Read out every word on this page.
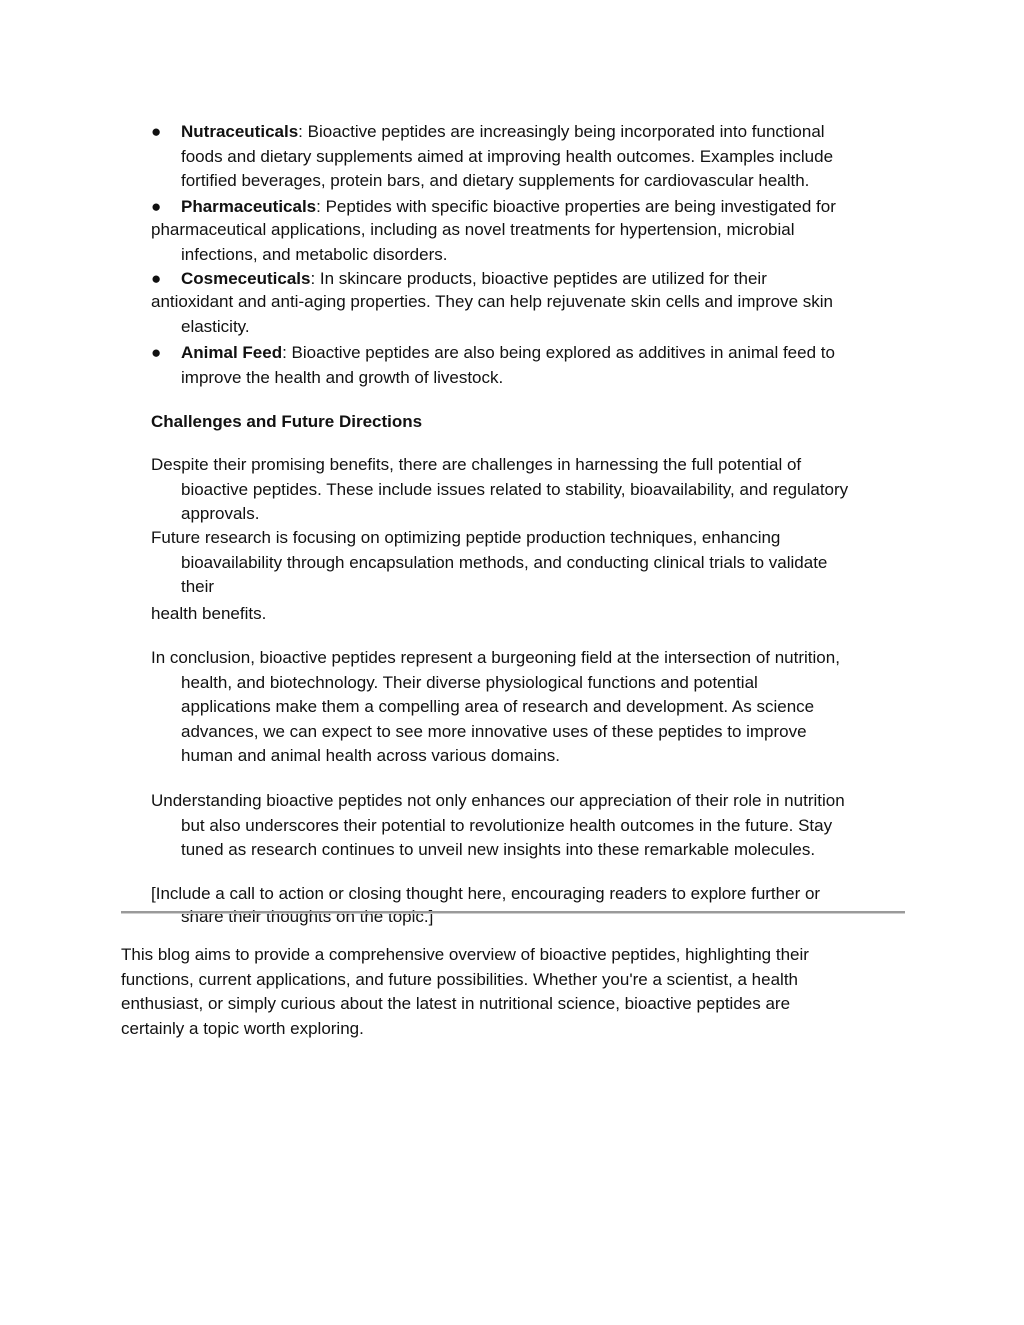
● Nutraceuticals: Bioactive peptides are increasingly being incorporated into functional
foods and dietary supplements aimed at improving health outcomes. Examples include
fortified beverages, protein bars, and dietary supplements for cardiovascular health.
● Pharmaceuticals: Peptides with specific bioactive properties are being investigated for
pharmaceutical applications, including as novel treatments for hypertension, microbial
infections, and metabolic disorders.
● Cosmeceuticals: In skincare products, bioactive peptides are utilized for their
antioxidant and anti-aging properties. They can help rejuvenate skin cells and improve skin
elasticity.
● Animal Feed: Bioactive peptides are also being explored as additives in animal feed to
improve the health and growth of livestock.
Challenges and Future Directions
Despite their promising benefits, there are challenges in harnessing the full potential of
bioactive peptides. These include issues related to stability, bioavailability, and regulatory
approvals.
Future research is focusing on optimizing peptide production techniques, enhancing
bioavailability through encapsulation methods, and conducting clinical trials to validate
their
health benefits.
In conclusion, bioactive peptides represent a burgeoning field at the intersection of nutrition,
health, and biotechnology. Their diverse physiological functions and potential
applications make them a compelling area of research and development. As science
advances, we can expect to see more innovative uses of these peptides to improve
human and animal health across various domains.
Understanding bioactive peptides not only enhances our appreciation of their role in nutrition
but also underscores their potential to revolutionize health outcomes in the future. Stay
tuned as research continues to unveil new insights into these remarkable molecules.
[Include a call to action or closing thought here, encouraging readers to explore further or
share their thoughts on the topic.]
This blog aims to provide a comprehensive overview of bioactive peptides, highlighting their
functions, current applications, and future possibilities. Whether you're a scientist, a health
enthusiast, or simply curious about the latest in nutritional science, bioactive peptides are
certainly a topic worth exploring.
